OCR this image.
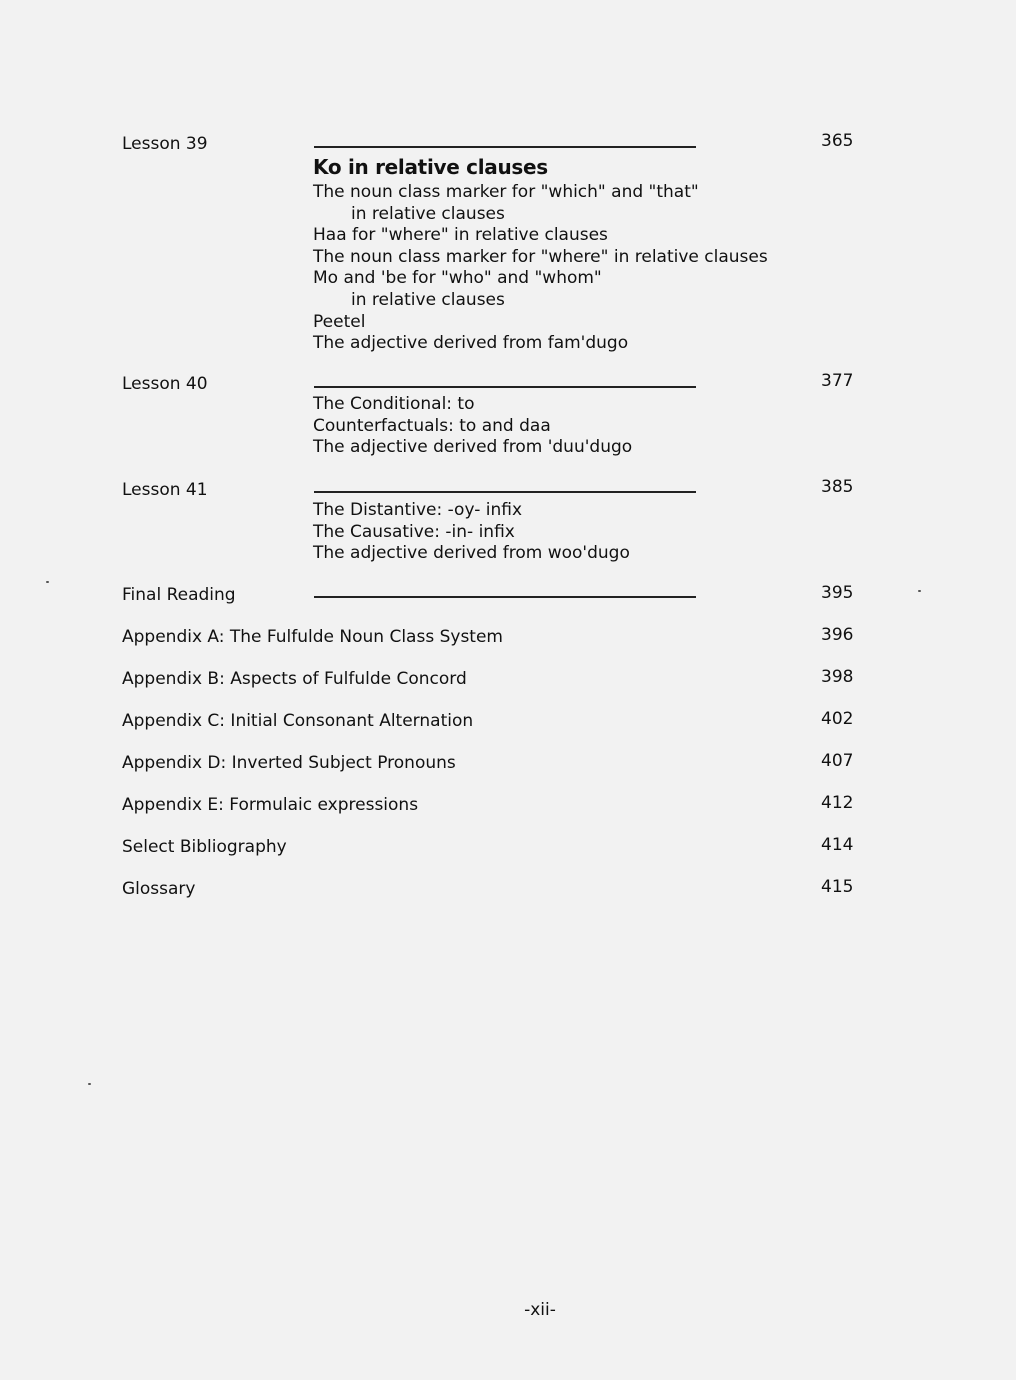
Lesson 39	365
Ko in relative clauses
The noun class marker for "which" and "that"
in relative clauses
Haa for "where" in relative clauses
The noun class marker for "where" in relative clauses
Mo and 'be for "who" and "whom"
in relative clauses
Peetel
The adjective derived from fam'dugo
Lesson 40	377
The Conditional: to
Counterfactuals: to and daa
The adjective derived from 'duu'dugo
Lesson 41	385
The Distantive: -oy- infix
The Causative: -in- infix
The adjective derived from woo'dugo
Final Reading	395
Appendix A: The Fulfulde Noun Class System	396
Appendix B: Aspects of Fulfulde Concord	398
Appendix C: Initial Consonant Alternation	402
Appendix D: Inverted Subject Pronouns	407
Appendix E: Formulaic expressions	412
Select Bibliography	414
Glossary	415
-xii-
